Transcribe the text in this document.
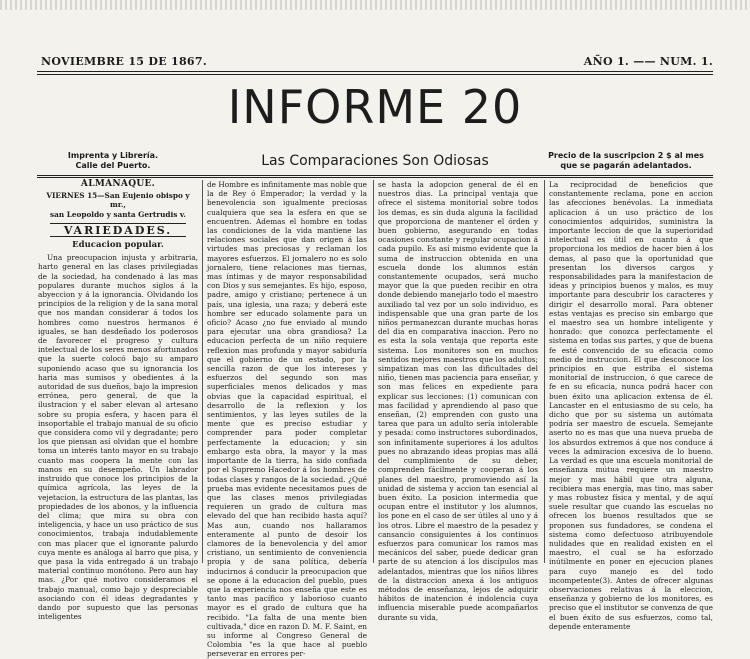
NOVIEMBRE 15 DE 1867.	AÑO 1. —— NUM. 1.
INFORME 20
Imprenta y Librería.
Calle del Puerto.	Las Comparaciones Son Odiosas	Precio de la suscripcion 2 $ al mes
que se pagarán adelantados.
ALMANAQUE.
VIERNES 15—San Eujenio obispo y mr.,
san Leopoldo y santa Gertrudis v.
VARIEDADES.
Educacion popular.

Una preocupacion injusta y arbitraria, harto general en las clases privilegiadas de la sociedad, ha condenado á las mas populares durante muchos siglos á la abyeccion y á la ignorancia. Olvidando los principios de la religion y de la sana moral que nos mandan considerar á todos los hombres como nuestros hermanos é iguales, se han desdeñado los poderosos de favorecer el progreso y cultura intelectual de los seres menos afortunados que la suerte colocó bajo su amparo suponiendo acaso que su ignorancia los haria mas sumisos y obedientes á la autoridad de sus dueños, bajo la impresion errónea, pero general, de que la ilustracion y el saber elevan al artesano sobre su propia esfera, y hacen para él insoportable el trabajo manual de su oficio que considera como vil y degradante; pero los que piensan así olvidan que el hombre toma un interés tanto mayor en su trabajo cuanto mas coopera la mente con las manos en su desempeño. Un labrador instruido que conoce los principios de la química agrícola, las leyes de la vejetacion, la estructura de las plantas, las propiedades de los abonos, y la influencia del clima; que mira su obra con inteligencia, y hace un uso práctico de sus conocimientos, trabaja indudablemente con mas placer que el ignorante palurdo cuya mente es análoga al barro que pisa, y que pasa la vida entregado á un trabajo material continuo monótono. Pero aun hay mas. ¿Por qué motivo consideramos el trabajo manual, como bajo y despreciable asociando con él ideas degradantes y dando por supuesto que las personas inteligentes

de Hombre es infinitamente mas noble que la de Rey ó Emperador; la verdad y la benevolencia son igualmente preciosas cualquiera que sea la esfera en que se encuentren. Ademas el hombre en todas las condiciones de la vida mantiene las relaciones sociales que dan origen á las virtudes mas preciosas y reclaman los mayores esfuerzos. El jornalero no es solo jornalero, tiene relaciones mas tiernas, mas íntimas y de mayor responsabilidad con Dios y sus semejantes. Es hijo, esposo, padre, amigo y cristiano; pertenece á un país, una iglesia, una raza; y deberá este hombre ser educado solamente para un oficio? Acaso ¿no fue enviado al mundo para ejecutar una obra grandiosa? La educacion perfecta de un niño requiere reflexion mas profunda y mayor sabiduría que el gobierno de un estado, por la sencilla razon de que los intereses y esfuerzos del segundo son mas superficiales menos delicados y mas obvias que la capacidad espiritual, el desarrollo de la reflexion y los sentimientos, y las leyes sutiles de la mente que es preciso estudiar y comprender para poder completar perfectamente la educacion; y sin embargo esta obra, la mayor y la mas importante de la tierra, ha sido confiada por el Supremo Hacedor á los hombres de todas clases y rangos de la sociedad. ¿Qué prueba mas evidente necesitamos pues de que las clases menos privilegiadas requieren un grado de cultura mas elevado del que han recibido hasta aquí? Mas aun, cuando nos hallaramos enteramente al punto de desoir los clamores de la benevolencia y del amor cristiano, un sentimiento de conveniencia propia y de sana política, debería inducirnos á conducir la preocupacion que se opone á la educacion del pueblo, pues que la experiencia nos enseña que este es tanto mas pacífico y laborioso cuanto mayor es el grado de cultura que ha recibido. "La falta de una mente bien cultivada," dice en razon D. M. F. Saint, en su informe al Congreso General de Colombia "es la que hace al pueblo perseverar en errores per-

se hasta la adopcion general de él en nuestros dias. La principal ventaja que ofrece el sistema monitorial sobre todos los demas, es sin duda alguna la facilidad que proporciona de mantener el órden y buen gobierno, asegurando en todas ocasiones constante y regular ocupacion á cada pupilo. Es así mismo evidente que la suma de instruccion obtenida en una escuela donde los alumnos están constantemente ocupados, será mucho mayor que la que pueden recibir en otra donde debiendo manejarlo todo el maestro auxiliado tal vez por un solo individuo, es indispensable que una gran parte de los niños permanezcan durante muchas horas del dia en comparativa inaccion. Pero no es esta la sola ventaja que reporta este sistema. Los monitores son en muchos sentidos mejores maestros que los adultos; simpatizan mas con las dificultades del niño, tienen mas paciencia para enseñar, y son mas felices en expediente para explicar sus lecciones: (1) comunican con mas facilidad y aprendiendo al paso que enseñan, (2) emprenden con gusto una tarea que para un adulto sería intolerable y pesada: como instructores subordinados, son infinitamente superiores á los adultos pues no abrazando ideas propias mas allá del cumplimiento de su deber, comprenden fácilmente y cooperan á los planes del maestro, promoviendo así la unidad de sistema y accion tan esencial al buen éxito. La posicion intermedia que ocupan entre el institutor y los alumnos, los pone en el caso de ser útiles al uno y á los otros. Libre el maestro de la pesadez y cansancio consiguientes á los continuos esfuerzos para comunicar los ramos mas mecánicos del saber, puede dedicar gran parte de su atencion á los discípulos mas adelantados, mientras que los niños libres de la distraccion anexa á los antiguos métodos de enseñanza, lejos de adquirir hábitos de inatencion é indolencia cuya influencia miserable puede acompañarlos durante su vida,

La reciprocidad de beneficios que constantemente reclama, pone en accion las afecciones benévolas. La inmediata aplicacion á un uso práctico de los conocimientos adquiridos, suministra la importante leccion de que la superioridad intelectual es útil en cuanto á que proporciona los medios de hacer bien á los demas, al paso que la oportunidad que presentan los diversos cargos y responsabilidades para la manifestacion de ideas y principios buenos y malos, es muy importante para descubrir los caracteres y dirigir el desarrollo moral. Para obtener estas ventajas es preciso sin embargo que el maestro sea un hombre inteligente y honrado: que conozca perfectamente el sistema en todas sus partes, y que de buena fe esté convencido de su eficacia como medio de instruccion. El que desconoce los principios en que estriba el sistema monitorial de instruccion, ó que carece de fe en su eficacia, nunca podrá hacer con buen éxito una aplicacion extensa de él. Lancaster en el entusiasmo de su celo, ha dicho que por su sistema un autómata podría ser maestro de escuela. Semejante aserto no es mas que una nueva prueba de los absurdos extremos á que nos conduce á veces la admiracion excesiva de lo bueno. La verdad es que una escuela monitorial de enseñanza mútua requiere un maestro mejor y mas hábil que otra alguna, recibiera mas energía, mas tino, mas saber y mas robustez física y mental, y de aquí suele resultar que cuando las escuelas no ofrecen los buenos resultados que se proponen sus fundadores, se condena el sistema como defectuoso atribuyendole nulidades que en realidad existen en el maestro, el cual se ha esforzado inútilmente en poner en ejecucion planes para cuyo manejo es del todo incompetente(3). Antes de ofrecer algunas observaciones relativas á la eleccion, enseñanza y gobierno de los monitores, es preciso que el institutor se convenza de que el buen éxito de sus esfuerzos, como tal, depende enteramente
